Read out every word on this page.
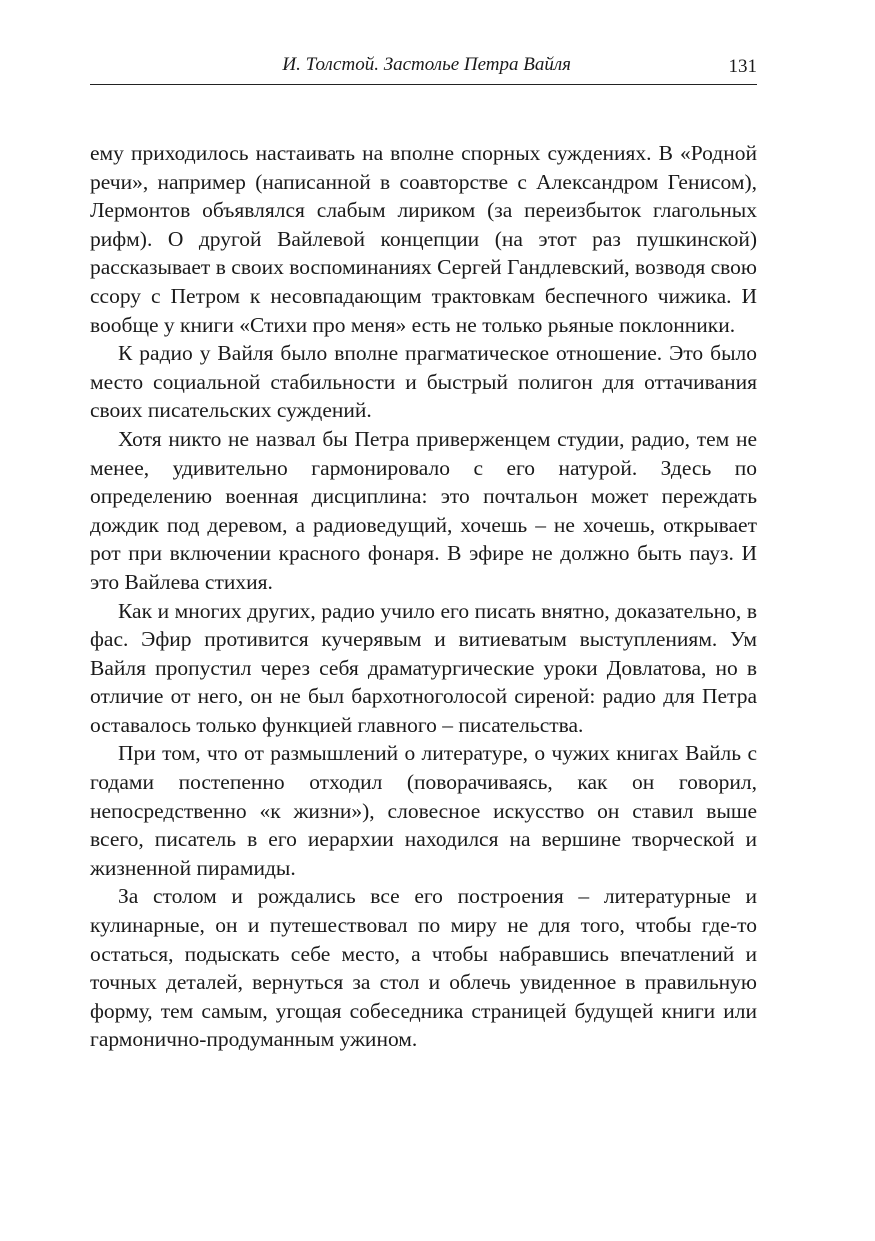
И. Толстой. Застолье Петра Вайля	131

ему приходилось настаивать на вполне спорных суждениях. В «Родной речи», например (написанной в соавторстве с Александром Генисом), Лермонтов объявлялся слабым лириком (за переизбыток глагольных рифм). О другой Вайлевой концепции (на этот раз пушкинской) рассказывает в своих воспоминаниях Сергей Гандлевский, возводя свою ссору с Петром к несовпадающим трактовкам беспечного чижика. И вообще у книги «Стихи про меня» есть не только рьяные поклонники.

К радио у Вайля было вполне прагматическое отношение. Это было место социальной стабильности и быстрый полигон для оттачивания своих писательских суждений.

Хотя никто не назвал бы Петра приверженцем студии, радио, тем не менее, удивительно гармонировало с его натурой. Здесь по определению военная дисциплина: это почтальон может переждать дождик под деревом, а радиоведущий, хочешь – не хочешь, открывает рот при включении красного фонаря. В эфире не должно быть пауз. И это Вайлева стихия.

Как и многих других, радио учило его писать внятно, доказательно, в фас. Эфир противится кучерявым и витиеватым выступлениям. Ум Вайля пропустил через себя драматургические уроки Довлатова, но в отличие от него, он не был бархотноголосой сиреной: радио для Петра оставалось только функцией главного – писательства.

При том, что от размышлений о литературе, о чужих книгах Вайль с годами постепенно отходил (поворачиваясь, как он говорил, непосредственно «к жизни»), словесное искусство он ставил выше всего, писатель в его иерархии находился на вершине творческой и жизненной пирамиды.

За столом и рождались все его построения – литературные и кулинарные, он и путешествовал по миру не для того, чтобы где-то остаться, подыскать себе место, а чтобы набравшись впечатлений и точных деталей, вернуться за стол и облечь увиденное в правильную форму, тем самым, угощая собеседника страницей будущей книги или гармонично-продуманным ужином.
